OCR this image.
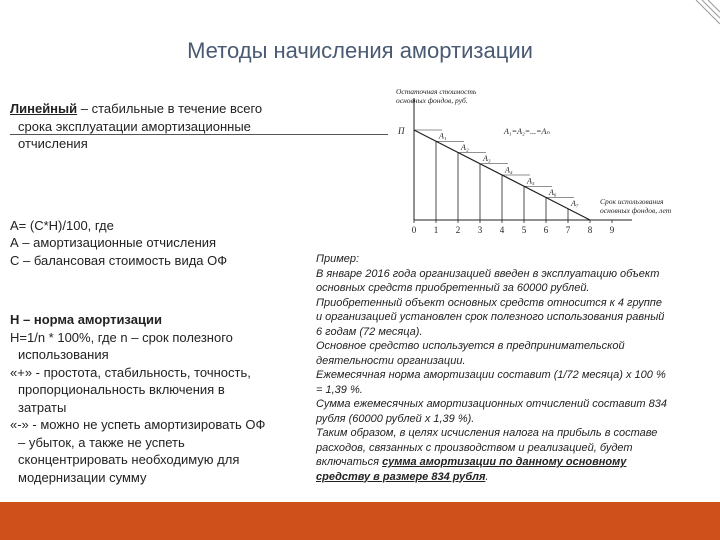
Методы начисления амортизации

Линейный – стабильные в течение всего

срока эксплуатации амортизационные

отчисления

А= (С*Н)/100, где

А – амортизационные отчисления

С – балансовая стоимость вида ОФ

Н – норма амортизации

Н=1/n * 100%, где n – срок полезного

использования

«+» - простота, стабильность, точность,

пропорциональность включения в

затраты

«-» - можно не успеть амортизировать ОФ

– убыток, а также не успеть

сконцентрировать необходимую для

модернизации сумму

Остаточная стоимость
основных фондов, руб.
П	А₁=А₂=...=Аₙ
А₁
А₂
А₃
А₄
А₅
А₆
А₇
0 1 2 3 4 5 6 7 8 9
Срок использования
основных фондов, лет

Пример:

В январе 2016 года организацией введен в эксплуатацию объект

основных средств приобретенный за 60000 рублей.

Приобретенный объект основных средств относится к 4 группе

и организацией установлен срок полезного использования равный

6 годам (72 месяца).

Основное средство используется в предпринимательской

деятельности организации.

Ежемесячная норма амортизации составит (1/72 месяца) х 100 %

= 1,39 %.

Сумма ежемесячных амортизационных отчислений составит 834

рубля (60000 рублей х 1,39 %).

Таким образом, в целях исчисления налога на прибыль в составе

расходов, связанных с производством и реализацией, будет

включаться сумма амортизации по данному основному

средству в размере 834 рубля.
